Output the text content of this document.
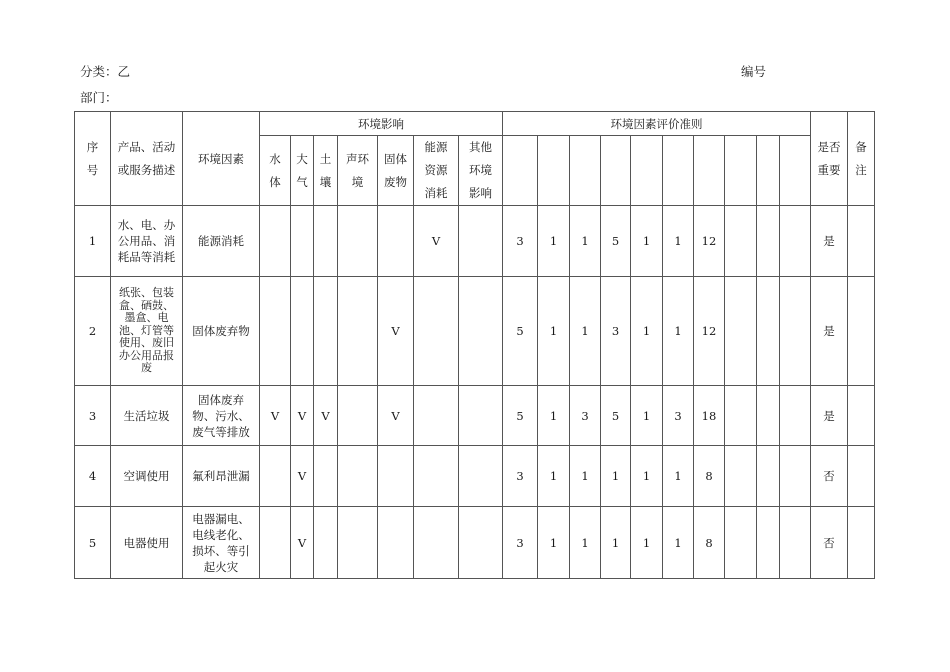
分类：乙	编号
部门：
序号	产品、活动或服务描述	环境因素	环境影响							环境因素评价准则										是否重要	备注
			水体	大气	土壤	声环境	固体废物	能源资源消耗	其他环境影响												

1	水、电、办公用品、消耗品等消耗	能源消耗						V		3	1	1	5	1	1	12				是	
2	纸张、包装盒、硒鼓、墨盒、电池、灯管等使用、废旧办公用品报废	固体废弃物					V			5	1	1	3	1	1	12				是	
3	生活垃圾	固体废弃物、污水、废气等排放	V	V	V		V			5	1	3	5	1	3	18				是	
4	空调使用	氟利昂泄漏		V						3	1	1	1	1	1	8				否	
5	电器使用	电器漏电、电线老化、损坏、等引起火灾		V						3	1	1	1	1	1	8				否	
